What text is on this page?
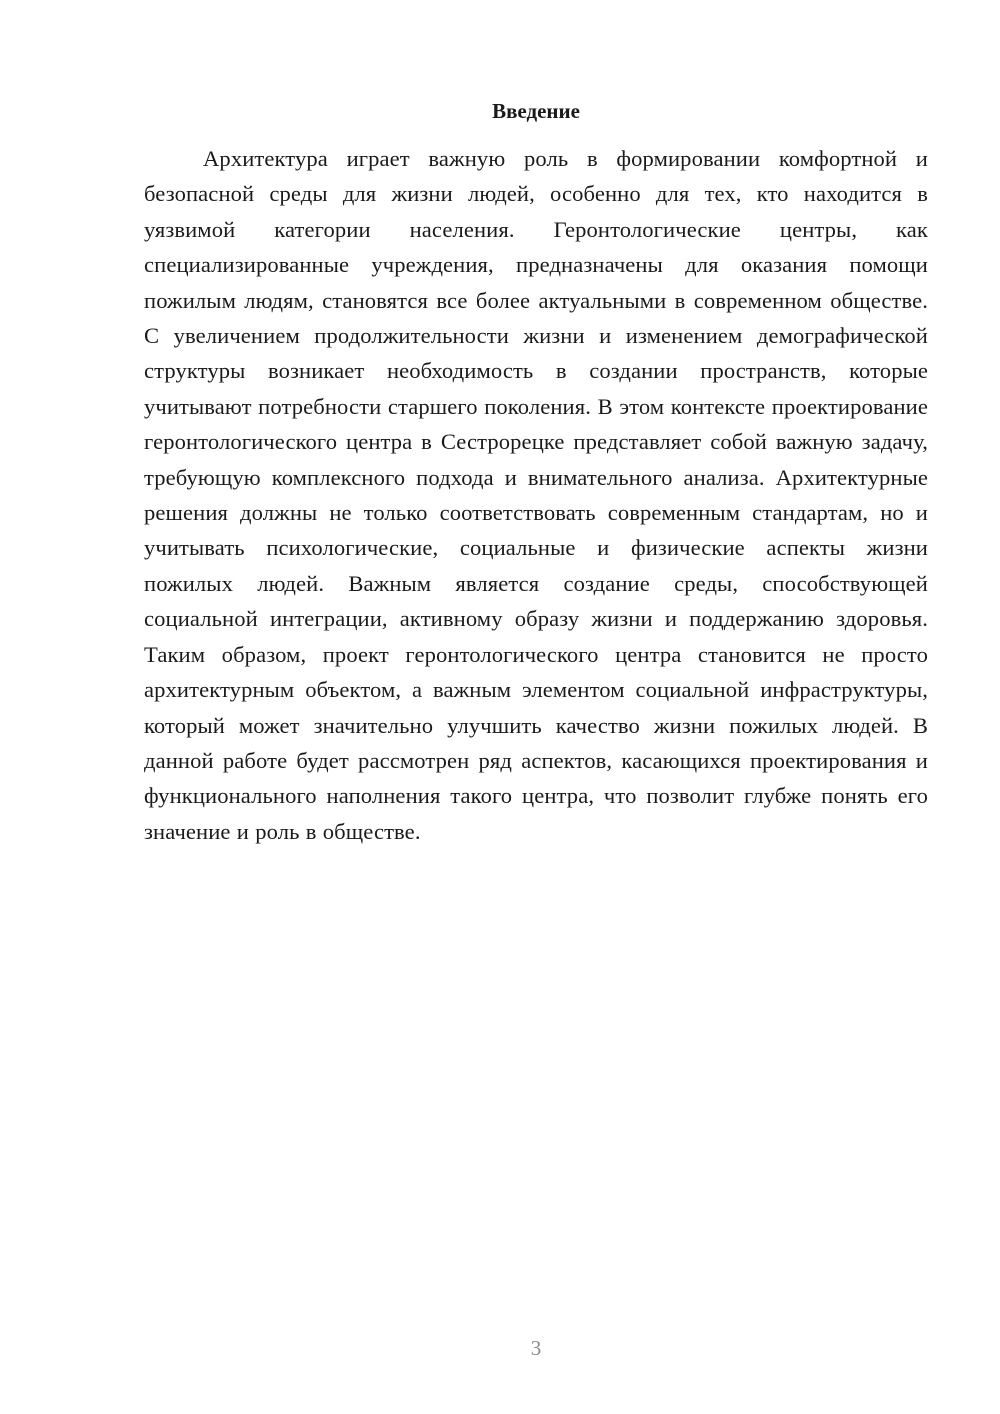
Введение

Архитектура играет важную роль в формировании комфортной и безопасной среды для жизни людей, особенно для тех, кто находится в уязвимой категории населения. Геронтологические центры, как специализированные учреждения, предназначены для оказания помощи пожилым людям, становятся все более актуальными в современном обществе. С увеличением продолжительности жизни и изменением демографической структуры возникает необходимость в создании пространств, которые учитывают потребности старшего поколения. В этом контексте проектирование геронтологического центра в Сестрорецке представляет собой важную задачу, требующую комплексного подхода и внимательного анализа. Архитектурные решения должны не только соответствовать современным стандартам, но и учитывать психологические, социальные и физические аспекты жизни пожилых людей. Важным является создание среды, способствующей социальной интеграции, активному образу жизни и поддержанию здоровья. Таким образом, проект геронтологического центра становится не просто архитектурным объектом, а важным элементом социальной инфраструктуры, который может значительно улучшить качество жизни пожилых людей. В данной работе будет рассмотрен ряд аспектов, касающихся проектирования и функционального наполнения такого центра, что позволит глубже понять его значение и роль в обществе.

3
